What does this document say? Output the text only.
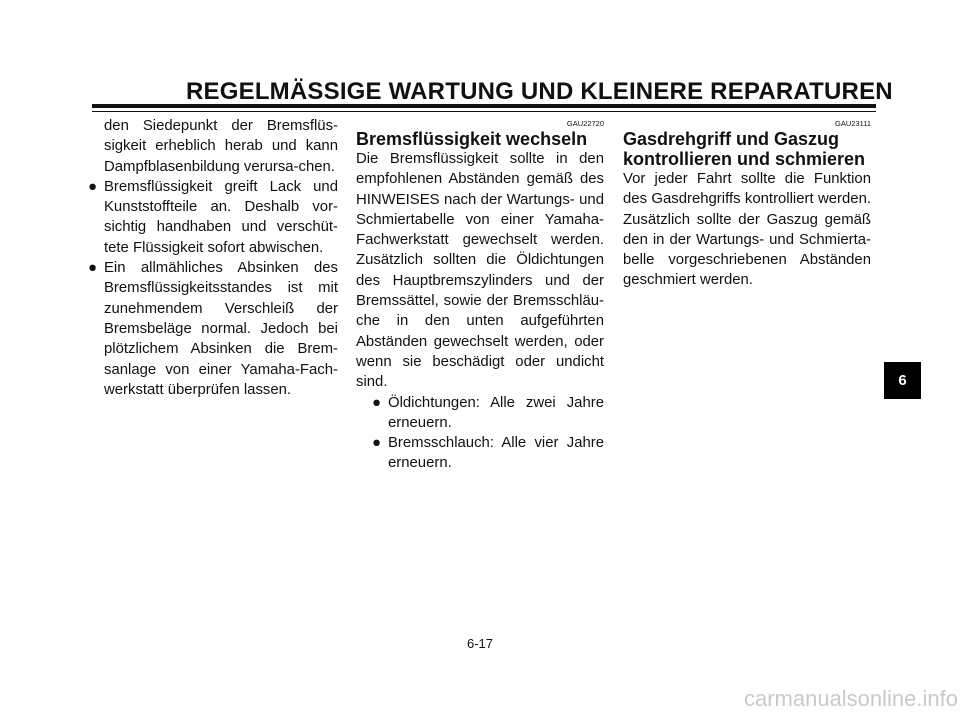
REGELMÄSSIGE WARTUNG UND KLEINERE REPARATUREN
den Siedepunkt der Bremsflüs-sigkeit erheblich herab und kann Dampfblasenbildung verursa-chen.
● Bremsflüssigkeit greift Lack und Kunststoffteile an. Deshalb vor-sichtig handhaben und verschüt-tete Flüssigkeit sofort abwischen.
● Ein allmähliches Absinken des Bremsflüssigkeitsstandes ist mit zunehmendem Verschleiß der Bremsbeläge normal. Jedoch bei plötzlichem Absinken die Brem-sanlage von einer Yamaha-Fach-werkstatt überprüfen lassen.
GAU22720
Bremsflüssigkeit wechseln
Die Bremsflüssigkeit sollte in den empfohlenen Abständen gemäß des HINWEISES nach der Wartungs- und Schmiertabelle von einer Yamaha-Fachwerkstatt gewechselt werden. Zusätzlich sollten die Öldichtungen des Hauptbremszylinders und der Bremssättel, sowie der Bremsschläu-che in den unten aufgeführten Abständen gewechselt werden, oder wenn sie beschädigt oder undicht sind.
● Öldichtungen: Alle zwei Jahre erneuern.
● Bremsschlauch: Alle vier Jahre erneuern.
GAU23111
Gasdrehgriff und Gaszug kontrollieren und schmieren
Vor jeder Fahrt sollte die Funktion des Gasdrehgriffs kontrolliert werden. Zusätzlich sollte der Gaszug gemäß den in der Wartungs- und Schmierta-belle vorgeschriebenen Abständen geschmiert werden.
6-17
6
carmanualsonline.info
